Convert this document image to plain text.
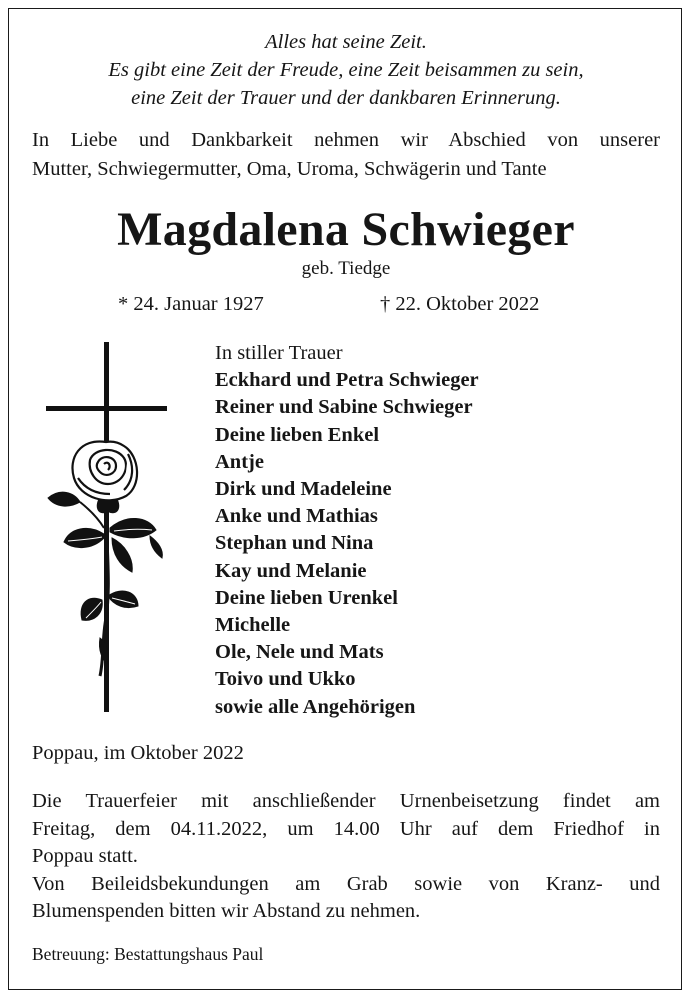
Alles hat seine Zeit.
Es gibt eine Zeit der Freude, eine Zeit beisammen zu sein,
eine Zeit der Trauer und der dankbaren Erinnerung.
In Liebe und Dankbarkeit nehmen wir Abschied von unserer
Mutter, Schwiegermutter, Oma, Uroma, Schwägerin und Tante
Magdalena Schwieger
geb. Tiedge
* 24. Januar 1927	† 22. Oktober 2022
In stiller Trauer
Eckhard und Petra Schwieger
Reiner und Sabine Schwieger
Deine lieben Enkel
Antje
Dirk und Madeleine
Anke und Mathias
Stephan und Nina
Kay und Melanie
Deine lieben Urenkel
Michelle
Ole, Nele und Mats
Toivo und Ukko
sowie alle Angehörigen
Poppau, im Oktober 2022
Die Trauerfeier mit anschließender Urnenbeisetzung findet am
Freitag, dem 04.11.2022, um 14.00 Uhr auf dem Friedhof in
Poppau statt.
Von Beileidsbekundungen am Grab sowie von Kranz- und
Blumenspenden bitten wir Abstand zu nehmen.
Betreuung: Bestattungshaus Paul
